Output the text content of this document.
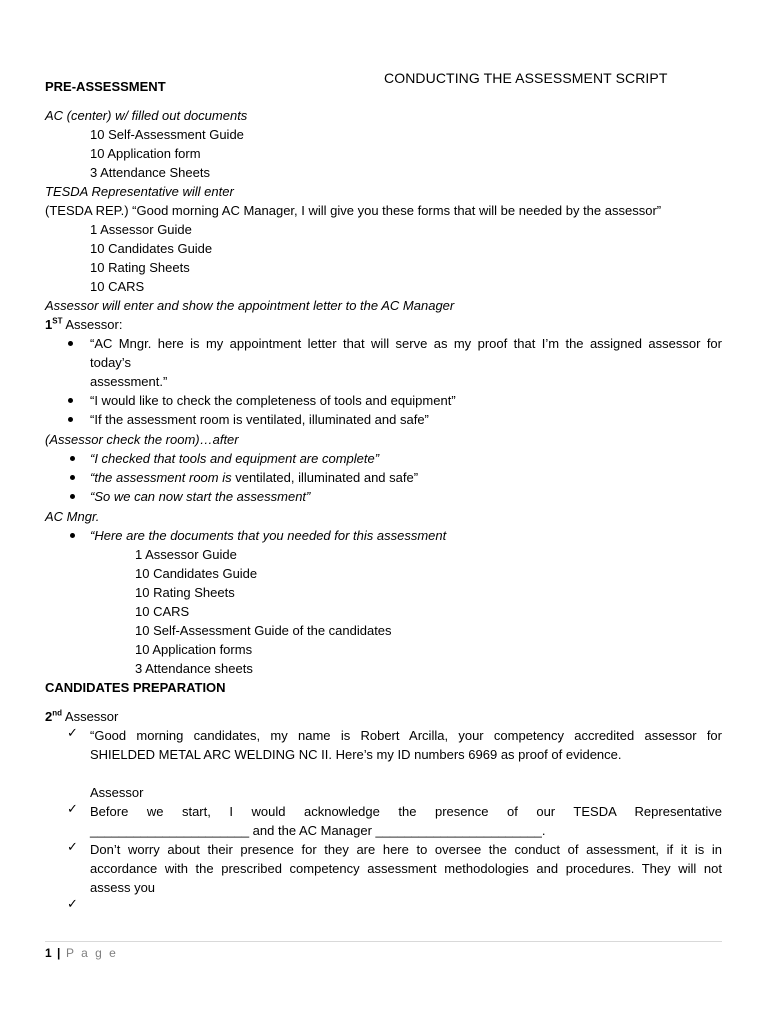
CONDUCTING THE ASSESSMENT SCRIPT
PRE-ASSESSMENT
AC (center) w/ filled out documents
10 Self-Assessment Guide
10 Application form
3 Attendance Sheets
TESDA Representative will enter
(TESDA REP.) “Good morning AC Manager, I will give you these forms that will be needed by the assessor”
1 Assessor Guide
10 Candidates Guide
10 Rating Sheets
10 CARS
Assessor will enter and show the appointment letter to the AC Manager
1ST Assessor:
“AC Mngr. here is my appointment letter that will serve as my proof that I’m the assigned assessor for
today’s
assessment.”
“I would like to check the completeness of tools and equipment”
“If the assessment room is ventilated, illuminated and safe”
(Assessor check the room)…after
“I checked that tools and equipment are complete”
“the assessment room is ventilated, illuminated and safe”
“So we can now start the assessment”
AC Mngr.
“Here are the documents that you needed for this assessment
1 Assessor Guide
10 Candidates Guide
10 Rating Sheets
10 CARS
10 Self-Assessment Guide of the candidates
10 Application forms
3 Attendance sheets
CANDIDATES PREPARATION
2nd Assessor
✓ “Good morning candidates, my name is Robert Arcilla, your competency accredited assessor for
SHIELDED METAL ARC WELDING NC II. Here’s my ID numbers 6969 as proof of evidence.
Assessor
✓ Before we start, I would acknowledge the presence of our TESDA Representative
______________________ and the AC Manager _______________________.
✓ Don’t worry about their presence for they are here to oversee the conduct of assessment, if it is in
accordance with the prescribed competency assessment methodologies and procedures. They will not
assess you
✓
1 | P a g e
